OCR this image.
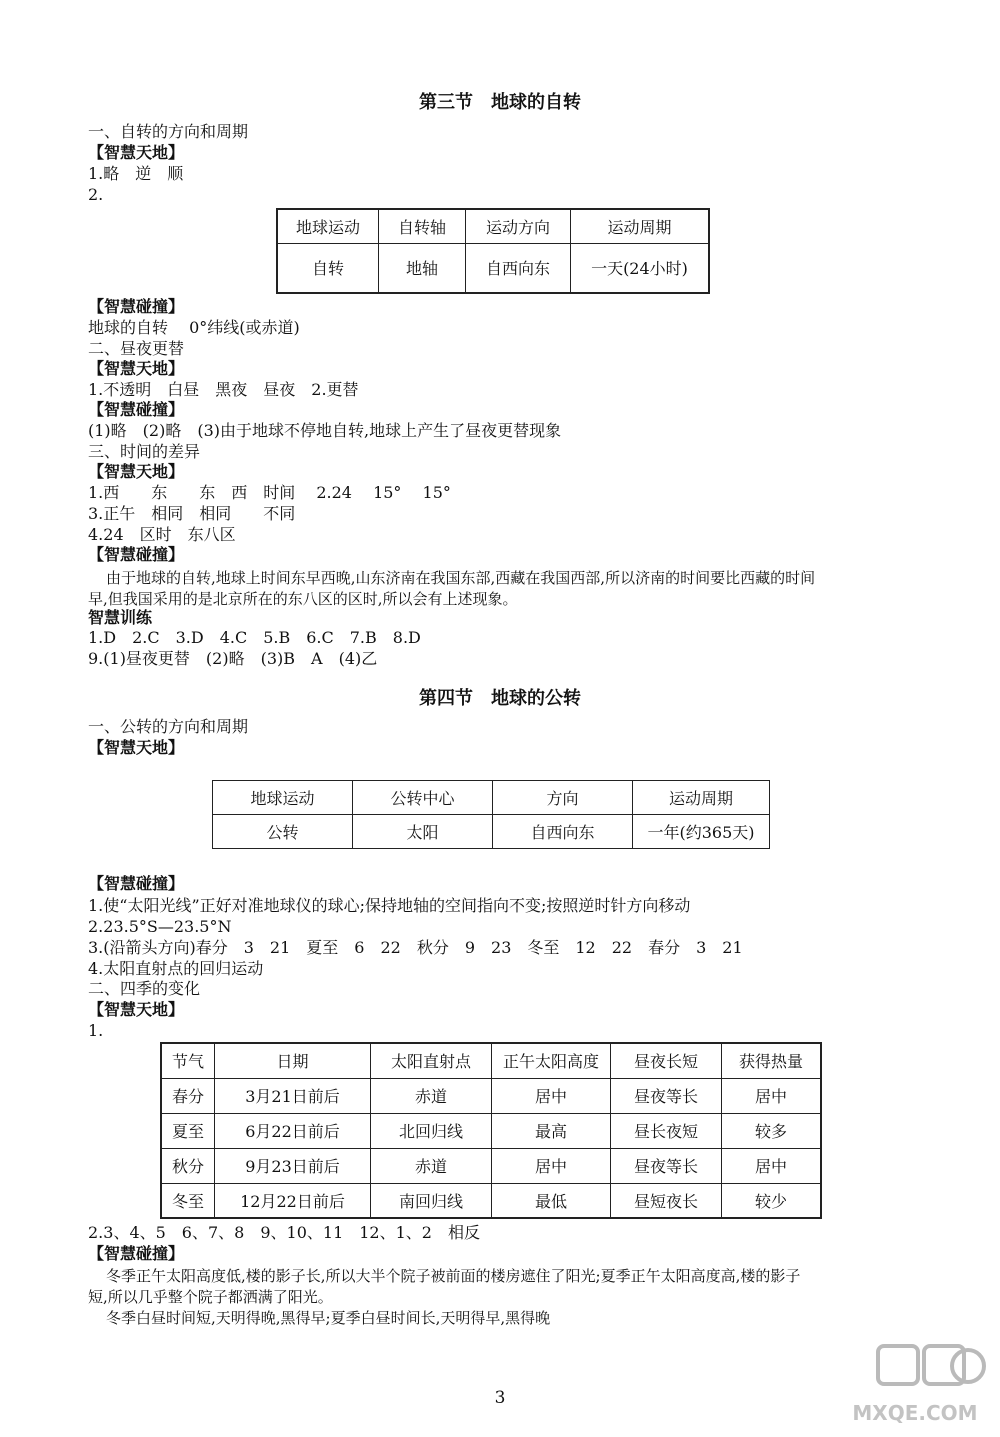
第三节　地球的自转
一、自转的方向和周期
【智慧天地】
1.略　逆　顺
2.
地球运动	自转轴	运动方向	运动周期
自转	地轴	自西向东	一天(24小时)
【智慧碰撞】
地球的自转　 0°纬线(或赤道)
二、昼夜更替
【智慧天地】
1.不透明　白昼　黑夜　昼夜　2.更替
【智慧碰撞】
(1)略　(2)略　(3)由于地球不停地自转,地球上产生了昼夜更替现象
三、时间的差异
【智慧天地】
1.西　　东　　东　西　时间　 2.24　 15°　 15°
3.正午　相同　相同　　不同
4.24　区时　东八区
【智慧碰撞】
由于地球的自转,地球上时间东早西晚,山东济南在我国东部,西藏在我国西部,所以济南的时间要比西藏的时间
早,但我国采用的是北京所在的东八区的区时,所以会有上述现象。
智慧训练
1.D　2.C　3.D　4.C　5.B　6.C　7.B　8.D
9.(1)昼夜更替　(2)略　(3)B　A　(4)乙
第四节　地球的公转
一、公转的方向和周期
【智慧天地】
地球运动	公转中心	方向	运动周期
公转	太阳	自西向东	一年(约365天)
【智慧碰撞】
1.使“太阳光线”正好对准地球仪的球心;保持地轴的空间指向不变;按照逆时针方向移动
2.23.5°S—23.5°N
3.(沿箭头方向)春分　3　21　夏至　6　22　秋分　9　23　冬至　12　22　春分　3　21
4.太阳直射点的回归运动
二、四季的变化
【智慧天地】
1.
节气	日期	太阳直射点	正午太阳高度	昼夜长短	获得热量
春分	3月21日前后	赤道	居中	昼夜等长	居中
夏至	6月22日前后	北回归线	最高	昼长夜短	较多
秋分	9月23日前后	赤道	居中	昼夜等长	居中
冬至	12月22日前后	南回归线	最低	昼短夜长	较少
2.3、4、5　6、7、8　9、10、11　12、1、2　相反
【智慧碰撞】
冬季正午太阳高度低,楼的影子长,所以大半个院子被前面的楼房遮住了阳光;夏季正午太阳高度高,楼的影子
短,所以几乎整个院子都洒满了阳光。
冬季白昼时间短,天明得晚,黑得早;夏季白昼时间长,天明得早,黑得晚
3
MXQE.COM
